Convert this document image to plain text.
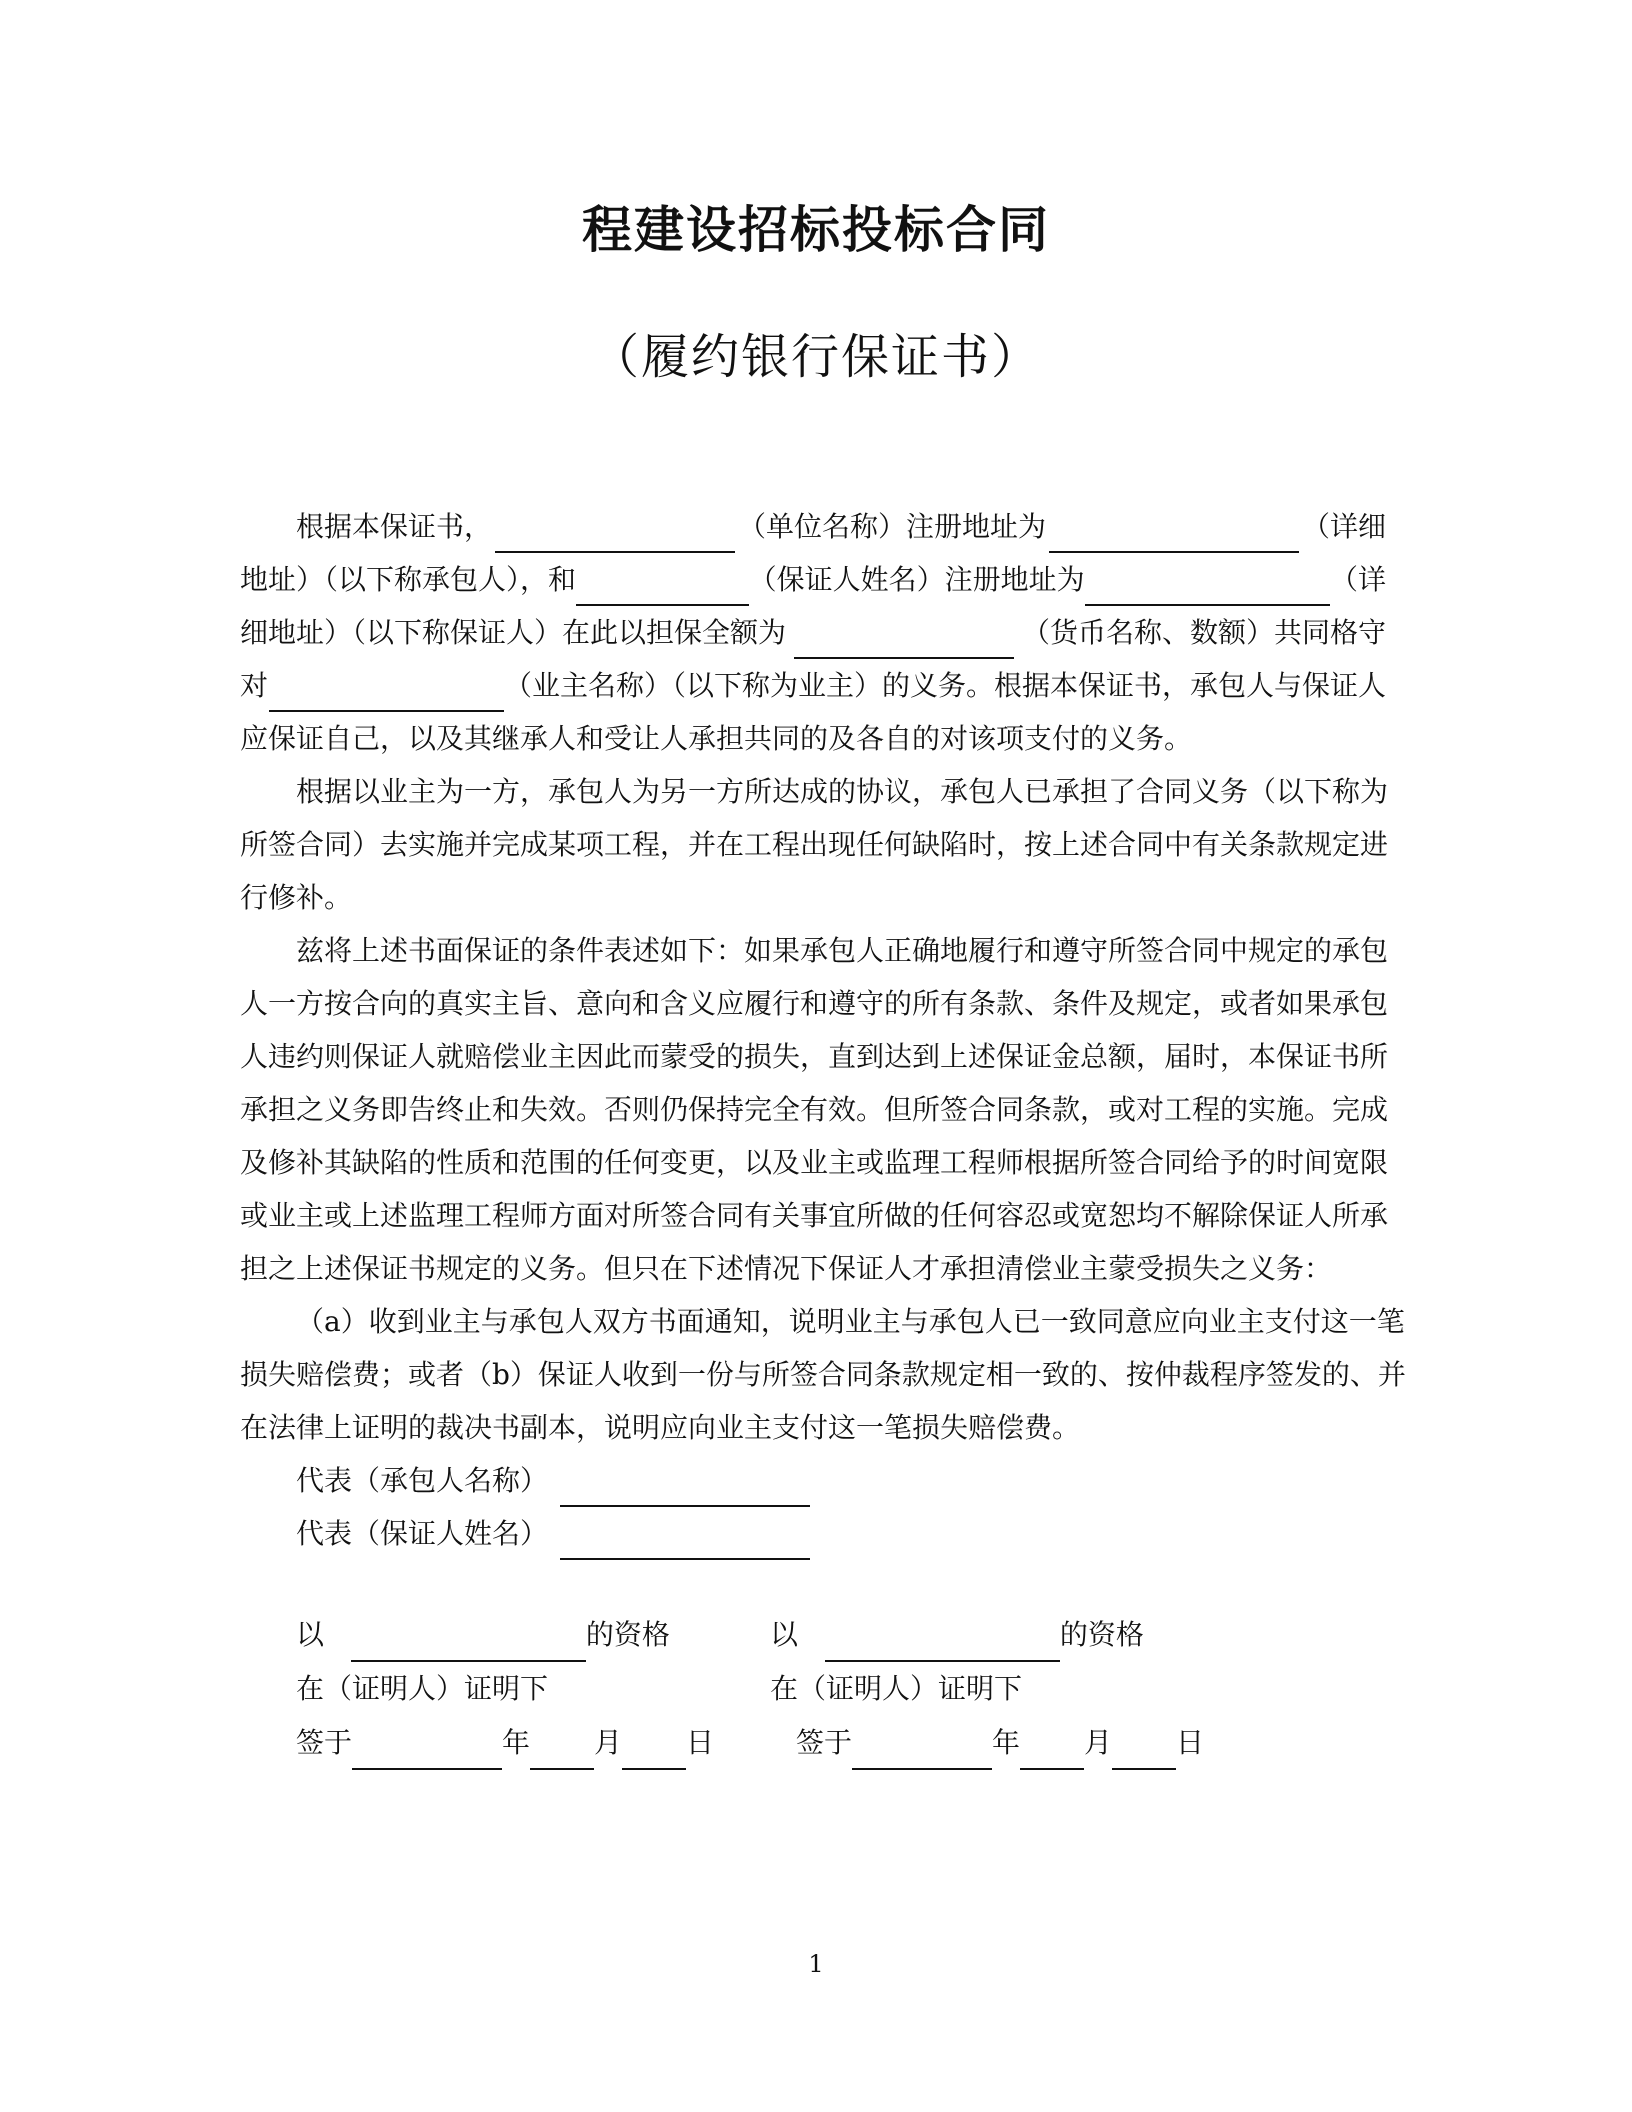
程建设招标投标合同
（履约银行保证书）
根据本保证书，	（单位名称）注册地址为	（详细
地址）（以下称承包人），和	（保证人姓名）注册地址为	（详
细地址）（以下称保证人）在此以担保全额为	（货币名称、数额）共同格守
对	（业主名称）（以下称为业主）的义务。根据本保证书，承包人与保证人
应保证自己，以及其继承人和受让人承担共同的及各自的对该项支付的义务。
根据以业主为一方，承包人为另一方所达成的协议，承包人已承担了合同义务（以下称为
所签合同）去实施并完成某项工程，并在工程出现任何缺陷时，按上述合同中有关条款规定进
行修补。
兹将上述书面保证的条件表述如下：如果承包人正确地履行和遵守所签合同中规定的承包
人一方按合向的真实主旨、意向和含义应履行和遵守的所有条款、条件及规定，或者如果承包
人违约则保证人就赔偿业主因此而蒙受的损失，直到达到上述保证金总额，届时，本保证书所
承担之义务即告终止和失效。否则仍保持完全有效。但所签合同条款，或对工程的实施。完成
及修补其缺陷的性质和范围的任何变更，以及业主或监理工程师根据所签合同给予的时间宽限
或业主或上述监理工程师方面对所签合同有关事宜所做的任何容忍或宽恕均不解除保证人所承
担之上述保证书规定的义务。但只在下述情况下保证人才承担清偿业主蒙受损失之义务：
（a）收到业主与承包人双方书面通知，说明业主与承包人已一致同意应向业主支付这一笔
损失赔偿费；或者（b）保证人收到一份与所签合同条款规定相一致的、按仲裁程序签发的、并
在法律上证明的裁决书副本，说明应向业主支付这一笔损失赔偿费。
代表（承包人名称）
代表（保证人姓名）
以	的资格	以	的资格
在（证明人）证明下	在（证明人）证明下
签于	年 月 日	签于	年 月 日
1
